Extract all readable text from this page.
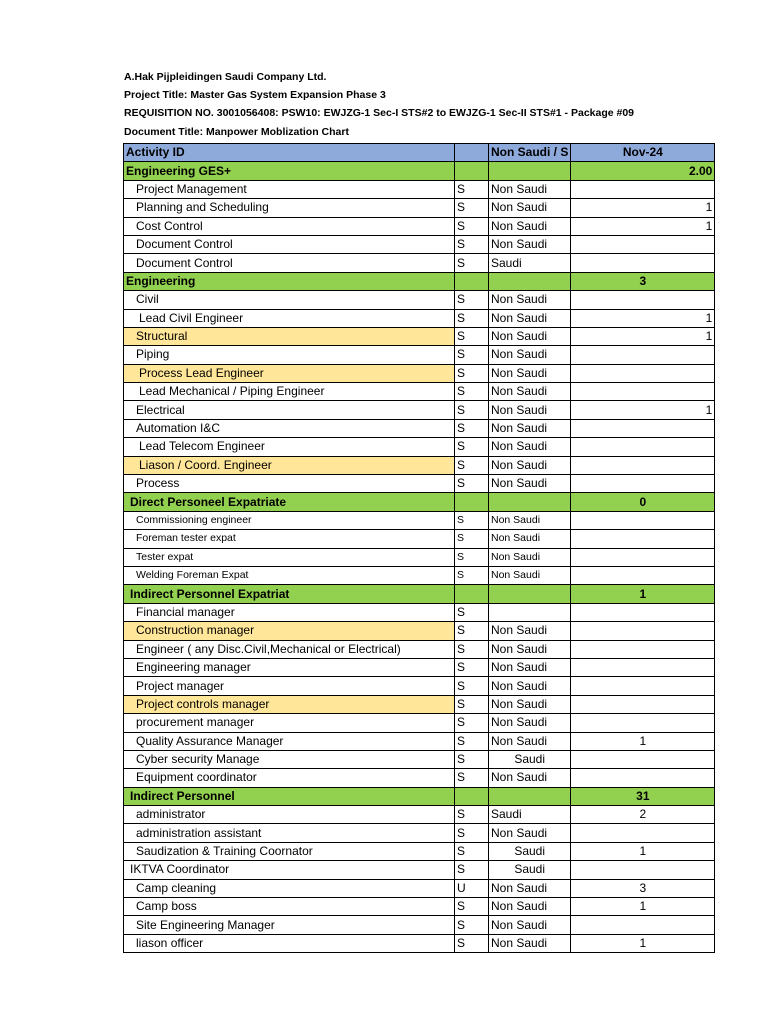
A.Hak Pijpleidingen Saudi Company Ltd.
Project Title: Master Gas System Expansion Phase 3
REQUISITION NO. 3001056408: PSW10: EWJZG-1 Sec-I STS#2 to EWJZG-1 Sec-II STS#1 - Package #09
Document Title: Manpower Moblization Chart
Activity ID		Non Saudi / S	Nov-24
Engineering GES+			2.00
Project Management	S	Non Saudi	
Planning and Scheduling	S	Non Saudi	1
Cost Control	S	Non Saudi	1
Document Control	S	Non Saudi	
Document Control	S	Saudi	
Engineering			3
Civil	S	Non Saudi	
Lead Civil Engineer	S	Non Saudi	1
Structural	S	Non Saudi	1
Piping	S	Non Saudi	
Process Lead Engineer	S	Non Saudi	
Lead Mechanical / Piping Engineer	S	Non Saudi	
Electrical	S	Non Saudi	1
Automation I&C	S	Non Saudi	
Lead Telecom Engineer	S	Non Saudi	
Liason / Coord. Engineer	S	Non Saudi	
Process	S	Non Saudi	
Direct Personeel Expatriate			0
Commissioning engineer	S	Non Saudi	
Foreman tester expat	S	Non Saudi	
Tester expat	S	Non Saudi	
Welding Foreman Expat	S	Non Saudi	
Indirect Personnel Expatriat			1
Financial manager	S		
Construction manager	S	Non Saudi	
Engineer ( any Disc.Civil,Mechanical or Electrical)	S	Non Saudi	
Engineering manager	S	Non Saudi	
Project manager	S	Non Saudi	
Project controls manager	S	Non Saudi	
procurement manager	S	Non Saudi	
Quality Assurance Manager	S	Non Saudi	1
Cyber security Manage	S	Saudi	
Equipment coordinator	S	Non Saudi	
Indirect Personnel			31
administrator	S	Saudi	2
administration assistant	S	Non Saudi	
Saudization & Training Coornator	S	Saudi	1
IKTVA Coordinator	S	Saudi	
Camp cleaning	U	Non Saudi	3
Camp boss	S	Non Saudi	1
Site Engineering Manager	S	Non Saudi	
liason officer	S	Non Saudi	1
